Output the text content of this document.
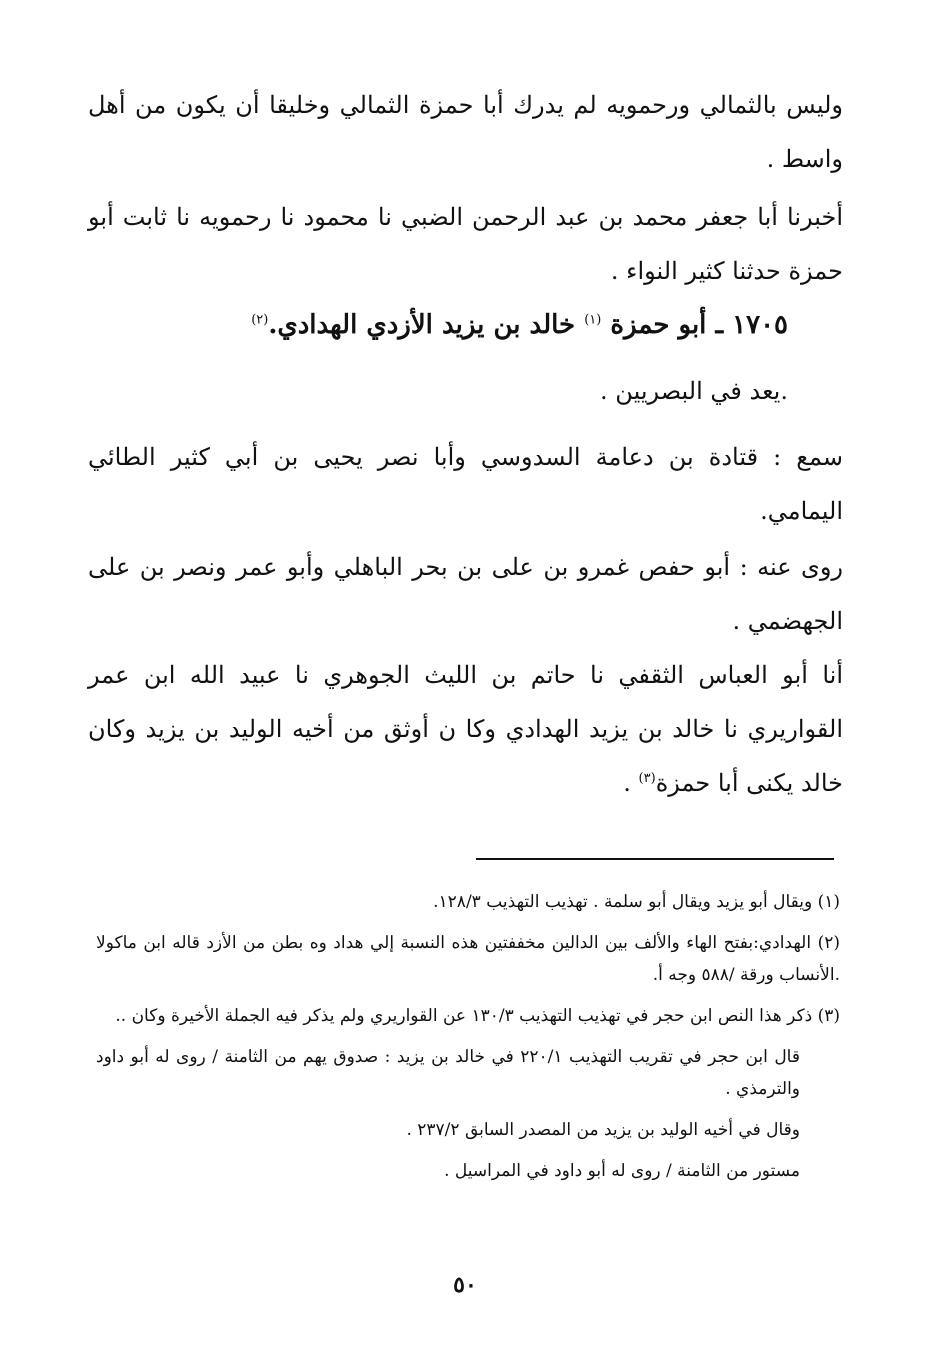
وليس بالثمالي ورحمويه لم يدرك أبا حمزة الثمالي وخليقا أن يكون من أهل واسط .

أخبرنا أبا جعفر محمد بن عبد الرحمن الضبي نا محمود نا رحمويه نا ثابت أبو حمزة حدثنا كثير النواء .

١٧٠٥ ـ أبو حمزة $^{(١)}$ خالد بن يزيد الأزدي الهدادي.$^{(٢)}$

.يعد في البصريين .

سمع : قتادة بن دعامة السدوسي وأبا نصر يحيى بن أبي كثير الطائي اليمامي.

روى عنه : أبو حفص غمرو بن على بن بحر الباهلي وأبو عمر ونصر بن على الجهضمي .

أنا أبو العباس الثقفي نا حاتم بن الليث الجوهري نا عبيد الله ابن عمر القواريري نا خالد بن يزيد الهدادي وكا ن أوثق من أخيه الوليد بن يزيد وكان خالد يكنى أبا حمزة$^{(٣)}$ .

(١) ويقال أبو يزيد ويقال أبو سلمة . تهذيب التهذيب ١٢٨/٣.

(٢) الهدادي:بفتح الهاء والألف بين الدالين مخففتين هذه النسبة إلي هداد وه بطن من الأزد قاله ابن ماكولا .الأنساب ورقة /٥٨٨ وجه أ.

(٣) ذكر هذا النص ابن حجر في تهذيب التهذيب ١٣٠/٣ عن القواريري ولم يذكر فيه الجملة الأخيرة وكان ..

قال ابن حجر في تقريب التهذيب ٢٢٠/١ في خالد بن يزيد : صدوق يهم من الثامنة / روى له أبو داود والترمذي .

وقال في أخيه الوليد بن يزيد من المصدر السابق ٢٣٧/٢ .

مستور من الثامنة / روى له أبو داود في المراسيل .

٥٠
